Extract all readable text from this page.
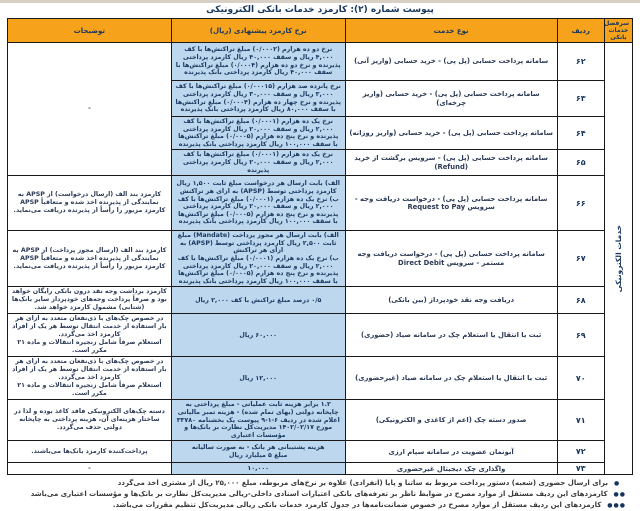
پیوست شماره (۲): کارمزد خدمات بانکی الکترونیکی
سرفصل خدمات بانکی	ردیف	نوع خدمت	نرخ کارمزد پیشنهادی (ریال)	توضیحات

خدمات الکترونیکی	۶۲	سامانه پرداخت حسابی (پل پی) - خرید حسابی (واریز آنی)	نرخ دو ده هزارم (۰/۰۰۰۲) مبلغ تراکنش‌ها با کف ۴,۰۰۰ ریال و سقف ۴۰,۰۰۰ ریال کارمزد پرداختی پذیرنده و نرخ دو ده هزارم (۰/۰۰۰۴) مبلغ تراکنش‌ها با سقف ۴۰,۰۰۰ ریال کارمزد پرداختی بانک پذیرنده	-
	۶۳	سامانه پرداخت حسابی (پل پی) - خرید حسابی (واریز چرخه‌ای)	نرخ پانزده صد هزارم (۰/۰۰۰۱۵) مبلغ تراکنش‌ها با کف ۳,۰۰۰ ریال و سقف ۳۰,۰۰۰ ریال کارمزد پرداختی پذیرنده و نرخ چهار ده هزارم (۰/۰۰۰۴) مبلغ تراکنش‌ها با سقف ۸۰,۰۰۰ ریال کارمزد پرداختی بانک پذیرنده	

	۶۴	سامانه پرداخت حسابی (پل پی) - خرید حسابی (واریز روزانه)	نرخ یک ده هزارم (۰/۰۰۰۱) مبلغ تراکنش‌ها با کف ۲,۰۰۰ ریال و سقف ۲۰,۰۰۰ ریال کارمزد پرداختی پذیرنده و نرخ پنج ده هزارم (۰/۰۰۰۵) مبلغ تراکنش‌ها با سقف ۱۰۰,۰۰۰ ریال کارمزد پرداختی بانک پذیرنده	

	۶۵	سامانه پرداخت حسابی (پل پی) - سرویس برگشت از خرید (Refund)	نرخ یک ده هزارم (۰/۰۰۰۱) مبلغ تراکنش‌ها با کف ۲,۰۰۰ ریال و سقف ۲۰,۰۰۰ ریال کارمزد پرداختی پذیرنده	

	۶۶	سامانه پرداخت حسابی (پل پی) - درخواست دریافت وجه - سرویس Request to Pay	الف) بابت ارسال هر درخواست مبلغ ثابت ۱,۵۰۰ ریال کارمزد پرداختی توسط (APSP) به ازای هر تراکنش
ب) نرخ یک ده هزارم (۰/۰۰۰۱) مبلغ تراکنش‌ها با کف ۲,۰۰۰ ریال و سقف ۲۰,۰۰۰ ریال کارمزد پرداختی پذیرنده و نرخ پنج ده هزارم (۰/۰۰۰۵) مبلغ تراکنش‌ها با سقف ۱۰۰,۰۰۰ ریال کارمزد پرداختی بانک پذیرنده	کارمزد بند الف (ارسال درخواست) از APSP به نمایندگی از پذیرنده اخذ شده و متعاقباً APSP کارمزد مزبور را رأساً از پذیرنده دریافت می‌نماید.

	۶۷	سامانه پرداخت حسابی (پل پی) - درخواست دریافت وجه مستمر - سرویس Direct Debit	الف) بابت ارسال هر مجوز پرداخت (Mandate) مبلغ ثابت ۲,۵۰۰ ریال کارمزد پرداختی توسط (APSP) به ازای هر تراکنش
ب) نرخ یک ده هزارم (۰/۰۰۰۱) مبلغ تراکنش‌ها با کف ۲,۰۰۰ ریال و سقف ۲۰,۰۰۰ ریال کارمزد پرداختی پذیرنده و نرخ پنج ده هزارم (۰/۰۰۰۵) مبلغ تراکنش‌ها با سقف ۱۰۰,۰۰۰ ریال کارمزد پرداختی بانک پذیرنده	کارمزد بند الف (ارسال مجوز پرداخت) از APSP به نمایندگی از پذیرنده اخذ شده و متعاقباً APSP کارمزد مزبور را رأساً از پذیرنده دریافت می‌نماید.

	۶۸	دریافت وجه نقد خودپرداز (بین بانکی)	۰/۵ درصد مبلغ تراکنش با کف ۲,۰۰۰ ریال	کارمزد برداشت وجه نقد درون بانکی رایگان خواهد بود و صرفاً پرداخت وجه‌های خودپرداز سایر بانک‌ها (شتابی) مشمول کارمزد خواهد شد.

	۶۹	ثبت یا انتقال یا استعلام چک در سامانه صیاد (حضوری)	۶۰,۰۰۰ ریال	در خصوص چک‌های با ذی‌نفعان متعدد به ازای هر بار استفاده از خدمت انتقال توسط هر یک از افراد کارمزد اخذ می‌گردد.
استعلام صرفاً شامل زنجیره انتقالات و ماده ۲۱ مکرر است.

	۷۰	ثبت یا انتقال یا استعلام چک در سامانه صیاد (غیرحضوری)	۱۲,۰۰۰ ریال	در خصوص چک‌های با ذی‌نفعان متعدد به ازای هر بار استفاده از خدمت انتقال توسط هر یک از افراد کارمزد اخذ می‌گردد.
استعلام صرفاً شامل زنجیره انتقالات و ماده ۲۱ مکرر است.

	۷۱	صدور دسته چک (اعم از کاغذی و الکترونیکی)	۱.۲ برابر هزینه ثابت عملیاتی - مبلغ پرداختی به چاپخانه دولتی (بهای تمام شده) - هزینه تمبر مالیاتی اعلام شده در ردیف ۶-۱-۹ پیوست یک بخشنامه ۳۳۷۸۰ مورخ ۱۴۰۲/۰۲/۱۷ مدیریت‌کل نظارت بر بانک‌ها و مؤسسات اعتباری	دسته چک‌های الکترونیکی فاقد کاغذ بوده و لذا در ساختار هزینه‌ای آن، هزینه پرداختی به چاپخانه دولتی حذف می‌گردد.

	۷۲	آبونمان عضویت در سامانه سپام ارزی	هزینه پشتیبانی هر بانک - به صورت سالیانه
مبلغ ۵ میلیارد ریال	پرداخت‌کننده کارمزد بانک‌ها می‌باشند.

	۷۳	واگذاری چک دیجیتال غیرحضوری	۱۰,۰۰۰	-
●
برای ارسال حضوری (شعبه) دستور پرداخت مربوط به ساتنا و پایا (انفرادی) علاوه بر نرخ‌های مربوطه، مبلغ ۲۵,۰۰۰ ریال از مشتری اخذ می‌گردد
●●
کارمزدهای این ردیف مستقل از موارد مصرح در ضوابط ناظر بر تعرفه‌های بانکی اعتبارات اسنادی داخلی-ریالی مدیریت‌کل نظارت بر بانک‌ها و مؤسسات اعتباری می‌باشد
●●●
کارمزدهای این ردیف مستقل از موارد مصرح در خصوص ضمانت‌نامه‌ها در جدول کارمزد خدمات بانکی ریالی مدیریت‌کل تنظیم مقررات می‌باشد.
